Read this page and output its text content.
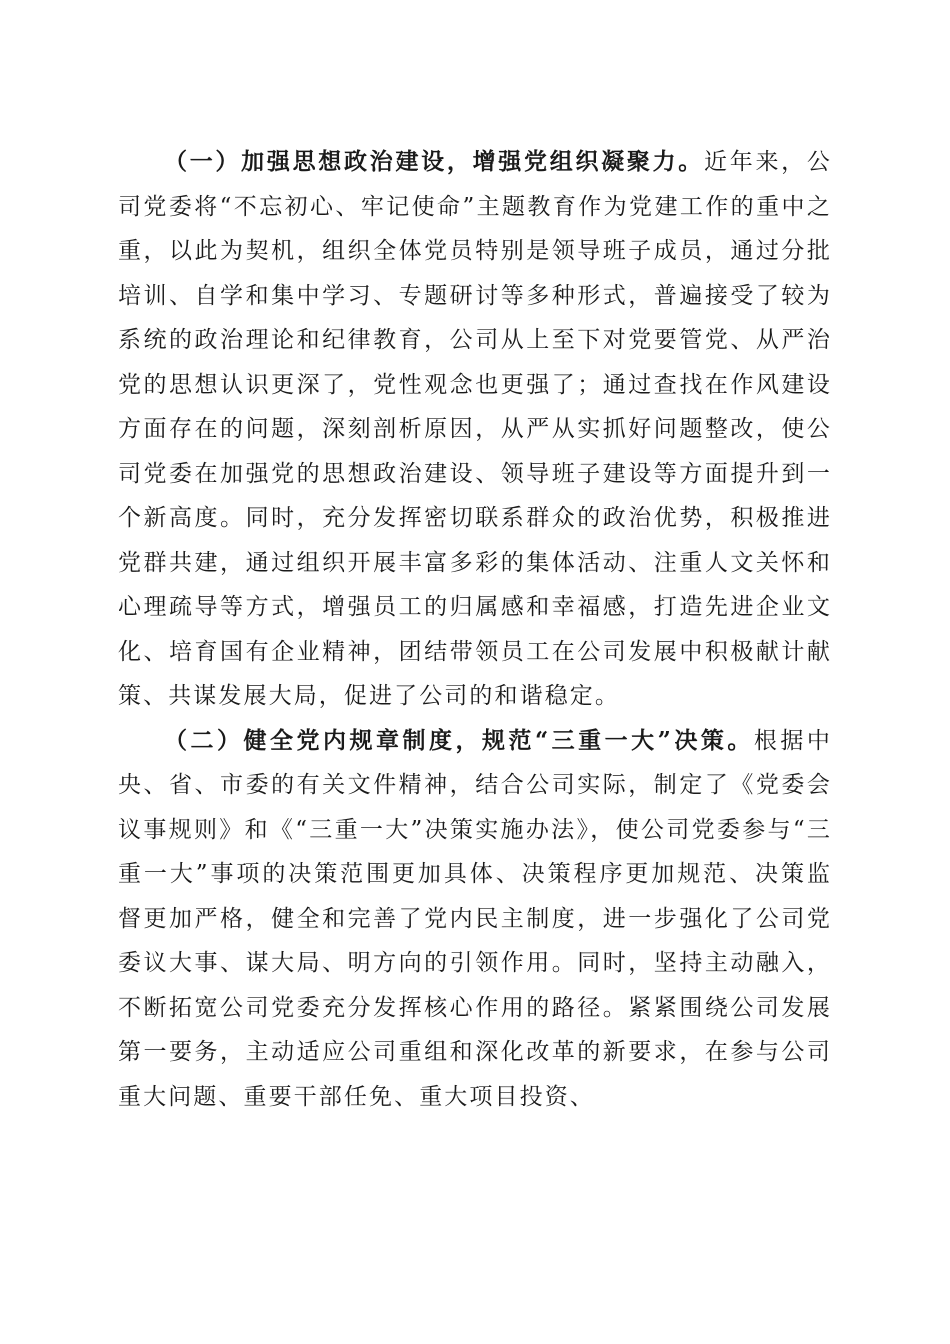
（一）加强思想政治建设，增强党组织凝聚力。近年来，公司党委将“不忘初心、牢记使命”主题教育作为党建工作的重中之重，以此为契机，组织全体党员特别是领导班子成员，通过分批培训、自学和集中学习、专题研讨等多种形式，普遍接受了较为系统的政治理论和纪律教育，公司从上至下对党要管党、从严治党的思想认识更深了，党性观念也更强了；通过查找在作风建设方面存在的问题，深刻剖析原因，从严从实抓好问题整改，使公司党委在加强党的思想政治建设、领导班子建设等方面提升到一个新高度。同时，充分发挥密切联系群众的政治优势，积极推进党群共建，通过组织开展丰富多彩的集体活动、注重人文关怀和心理疏导等方式，增强员工的归属感和幸福感，打造先进企业文化、培育国有企业精神，团结带领员工在公司发展中积极献计献策、共谋发展大局，促进了公司的和谐稳定。

（二）健全党内规章制度，规范“三重一大”决策。根据中央、省、市委的有关文件精神，结合公司实际，制定了《党委会议事规则》和《“三重一大”决策实施办法》，使公司党委参与“三重一大”事项的决策范围更加具体、决策程序更加规范、决策监督更加严格，健全和完善了党内民主制度，进一步强化了公司党委议大事、谋大局、明方向的引领作用。同时，坚持主动融入，不断拓宽公司党委充分发挥核心作用的路径。紧紧围绕公司发展第一要务，主动适应公司重组和深化改革的新要求，在参与公司重大问题、重要干部任免、重大项目投资、
